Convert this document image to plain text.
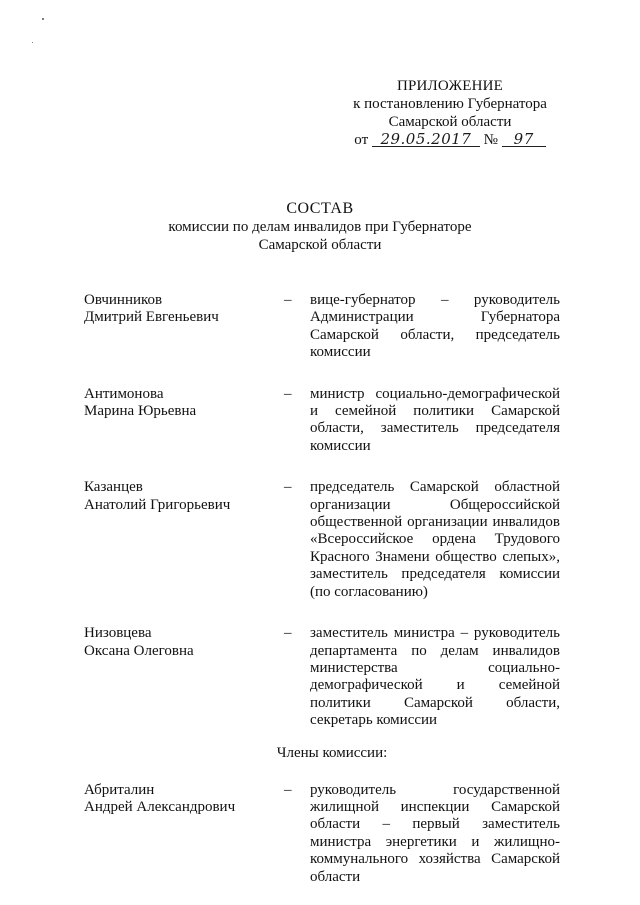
ПРИЛОЖЕНИЕ
к постановлению Губернатора
Самарской области
от 29.05.2017 № 97
СОСТАВ
комиссии по делам инвалидов при Губернаторе
Самарской области
Овчинников
Дмитрий Евгеньевич
–	вице-губернатор – руководитель Администрации Губернатора Самарской области, председатель комиссии
Антимонова
Марина Юрьевна
–	министр социально-демографической и семейной политики Самарской области, заместитель председателя комиссии
Казанцев
Анатолий Григорьевич
–	председатель Самарской областной организации Общероссийской общественной организации инвалидов «Всероссийское ордена Трудового Красного Знамени общество слепых», заместитель председателя комиссии (по согласованию)
Низовцева
Оксана Олеговна
–	заместитель министра – руководитель департамента по делам инвалидов министерства социально-демографической и семейной политики Самарской области, секретарь комиссии

Члены комиссии:

Абриталин
Андрей Александрович
–	руководитель государственной жилищной инспекции Самарской области – первый заместитель министра энергетики и жилищно-коммунального хозяйства Самарской области
